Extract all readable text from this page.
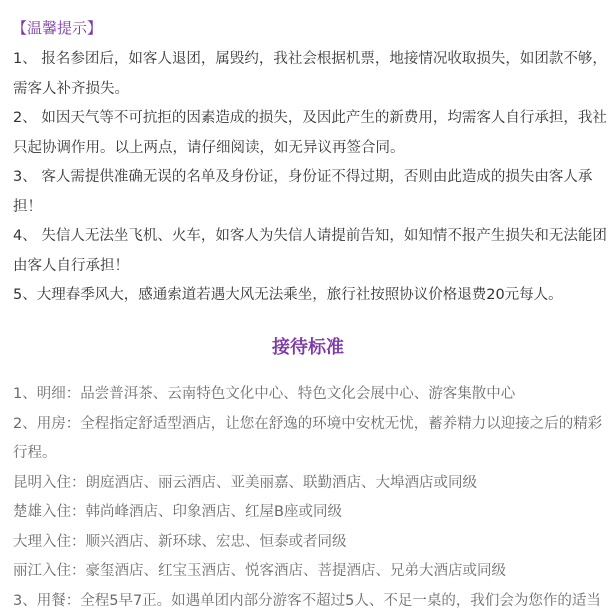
【温馨提示】

1、 报名参团后，如客人退团，属毁约，我社会根据机票，地接情况收取损失，如团款不够，需客人补齐损失。

2、 如因天气等不可抗拒的因素造成的损失，及因此产生的新费用，均需客人自行承担，我社只起协调作用。以上两点，请仔细阅读，如无异议再签合同。

3、 客人需提供准确无误的名单及身份证，身份证不得过期，否则由此造成的损失由客人承担！

4、 失信人无法坐飞机、火车，如客人为失信人请提前告知，如知情不报产生损失和无法能团由客人自行承担！

5、大理春季风大，感通索道若遇大风无法乘坐，旅行社按照协议价格退费20元每人。

接待标准

1、明细：品尝普洱茶、云南特色文化中心、特色文化会展中心、游客集散中心

2、用房：全程指定舒适型酒店，让您在舒逸的环境中安枕无忧，蓄养精力以迎接之后的精彩行程。

昆明入住：朗庭酒店、丽云酒店、亚美丽嘉、联勤酒店、大埠酒店或同级

楚雄入住：韩尚峰酒店、印象酒店、红屋B座或同级

大理入住：顺兴酒店、新环球、宏忠、恒泰或者同级

丽江入住：豪玺酒店、红宝玉酒店、悦客酒店、菩提酒店、兄弟大酒店或同级

3、用餐：全程5早7正。如遇单团内部分游客不超过5人、不足一桌的，我们会为您作的适当
